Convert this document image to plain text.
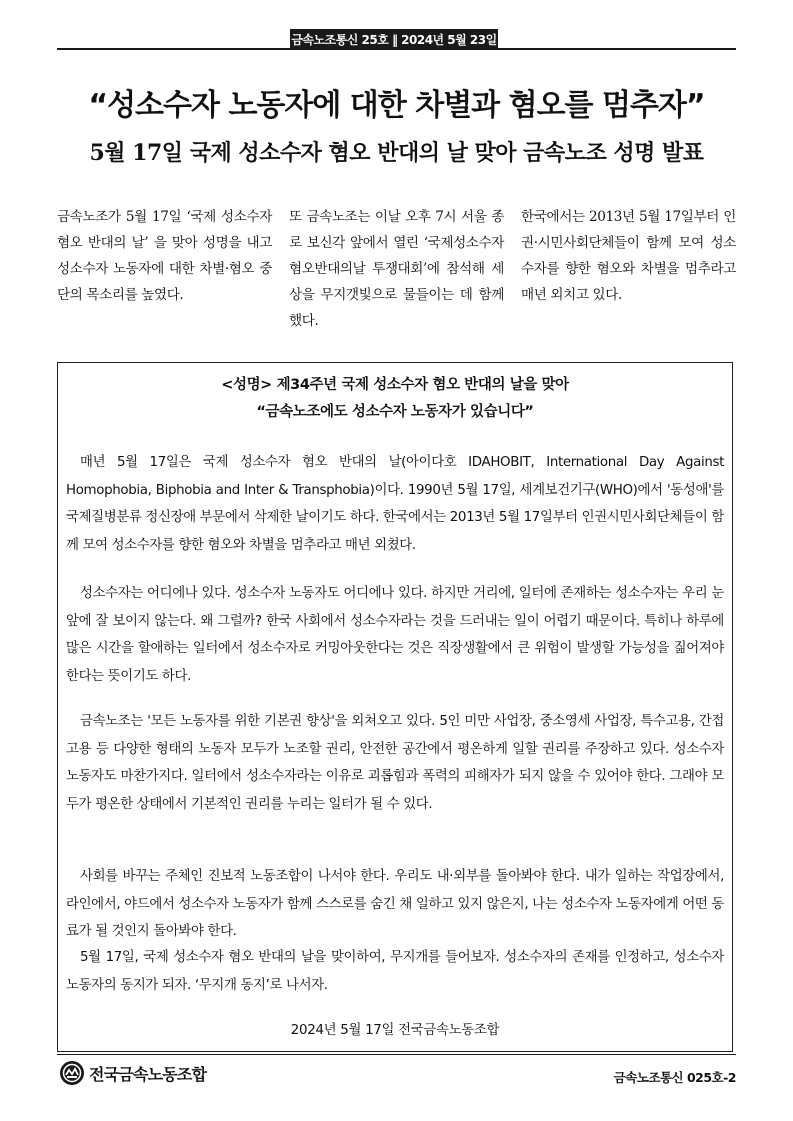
금속노조통신 25호 ‖ 2024년 5월 23일
“성소수자 노동자에 대한 차별과 혐오를 멈추자”
5월 17일 국제 성소수자 혐오 반대의 날 맞아 금속노조 성명 발표
금속노조가 5월 17일 ‘국제 성소수자 혐오 반대의 날’ 을 맞아 성명을 내고 성소수자 노동자에 대한 차별·혐오 중단의 목소리를 높였다.
또 금속노조는 이날 오후 7시 서울 종로 보신각 앞에서 열린 ‘국제성소수자혐오반대의날 투쟁대회’에 참석해 세상을 무지갯빛으로 물들이는 데 함께 했다.
한국에서는 2013년 5월 17일부터 인권·시민사회단체들이 함께 모여 성소수자를 향한 혐오와 차별을 멈추라고 매년 외치고 있다.
<성명> 제34주년 국제 성소수자 혐오 반대의 날을 맞아
“금속노조에도 성소수자 노동자가 있습니다”
매년 5월 17일은 국제 성소수자 혐오 반대의 날(아이다호 IDAHOBIT, International Day Against Homophobia, Biphobia and Inter & Transphobia)이다. 1990년 5월 17일, 세계보건기구(WHO)에서 '동성애'를 국제질병분류 정신장애 부문에서 삭제한 날이기도 하다. 한국에서는 2013년 5월 17일부터 인권시민사회단체들이 함께 모여 성소수자를 향한 혐오와 차별을 멈추라고 매년 외쳤다.
성소수자는 어디에나 있다. 성소수자 노동자도 어디에나 있다. 하지만 거리에, 일터에 존재하는 성소수자는 우리 눈앞에 잘 보이지 않는다. 왜 그럴까? 한국 사회에서 성소수자라는 것을 드러내는 일이 어렵기 때문이다. 특히나 하루에 많은 시간을 할애하는 일터에서 성소수자로 커밍아웃한다는 것은 직장생활에서 큰 위험이 발생할 가능성을 짊어져야 한다는 뜻이기도 하다.
금속노조는 '모든 노동자를 위한 기본권 향상'을 외쳐오고 있다. 5인 미만 사업장, 중소영세 사업장, 특수고용, 간접고용 등 다양한 형태의 노동자 모두가 노조할 권리, 안전한 공간에서 평온하게 일할 권리를 주장하고 있다. 성소수자 노동자도 마찬가지다. 일터에서 성소수자라는 이유로 괴롭힘과 폭력의 피해자가 되지 않을 수 있어야 한다. 그래야 모두가 평온한 상태에서 기본적인 권리를 누리는 일터가 될 수 있다.
사회를 바꾸는 주체인 진보적 노동조합이 나서야 한다. 우리도 내·외부를 돌아봐야 한다. 내가 일하는 작업장에서, 라인에서, 야드에서 성소수자 노동자가 함께 스스로를 숨긴 채 일하고 있지 않은지, 나는 성소수자 노동자에게 어떤 동료가 될 것인지 돌아봐야 한다.
5월 17일, 국제 성소수자 혐오 반대의 날을 맞이하여, 무지개를 들어보자. 성소수자의 존재를 인정하고, 성소수자 노동자의 동지가 되자. ‘무지개 동지’로 나서자.
2024년 5월 17일 전국금속노동조합
전국금속노동조합	금속노조통신 025호-2
